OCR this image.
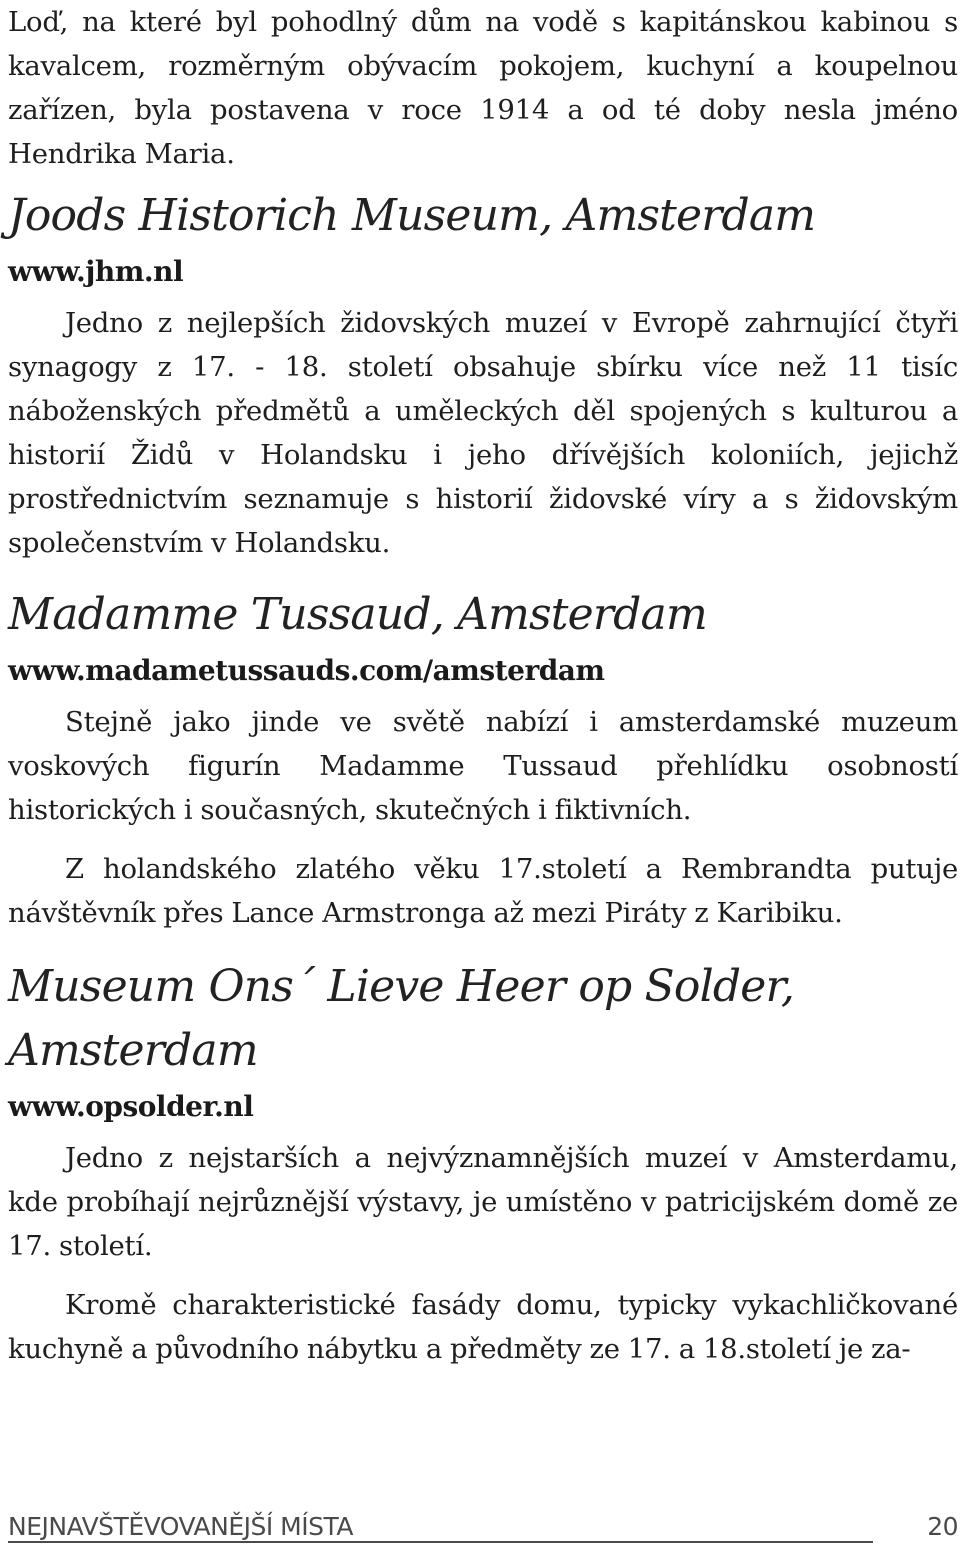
Loď, na které byl pohodlný dům na vodě s kapitánskou kabinou s kavalcem, rozměrným obývacím pokojem, kuchyní a koupelnou zařízen, byla postavena v roce 1914 a od té doby nesla jméno Hendrika Maria.

Joods Historich Museum, Amsterdam

www.jhm.nl

Jedno z nejlepších židovských muzeí v Evropě zahrnující čtyři synagogy z 17. - 18. století obsahuje sbírku více než 11 tisíc náboženských předmětů a uměleckých děl spojených s kulturou a historií Židů v Holandsku i jeho dřívějších koloniích, jejichž prostřednictvím seznamuje s historií židovské víry a s židovským společenstvím v Holandsku.

Madamme Tussaud, Amsterdam

www.madametussauds.com/amsterdam

Stejně jako jinde ve světě nabízí i amsterdamské muzeum voskových figurín Madamme Tussaud přehlídku osobností historických i současných, skutečných i fiktivních.

Z holandského zlatého věku 17.století a Rembrandta putuje návštěvník přes Lance Armstronga až mezi Piráty z Karibiku.

Museum Ons´ Lieve Heer op Solder, Amsterdam

www.opsolder.nl

Jedno z nejstarších a nejvýznamnějších muzeí v Amsterdamu, kde probíhají nejrůznější výstavy, je umístěno v patricijském domě ze 17. století.

Kromě charakteristické fasády domu, typicky vykachličkované kuchyně a původního nábytku a předměty ze 17. a 18.století je za-

NEJNAVŠTĚVOVANĚJŠÍ MÍSTA	20
